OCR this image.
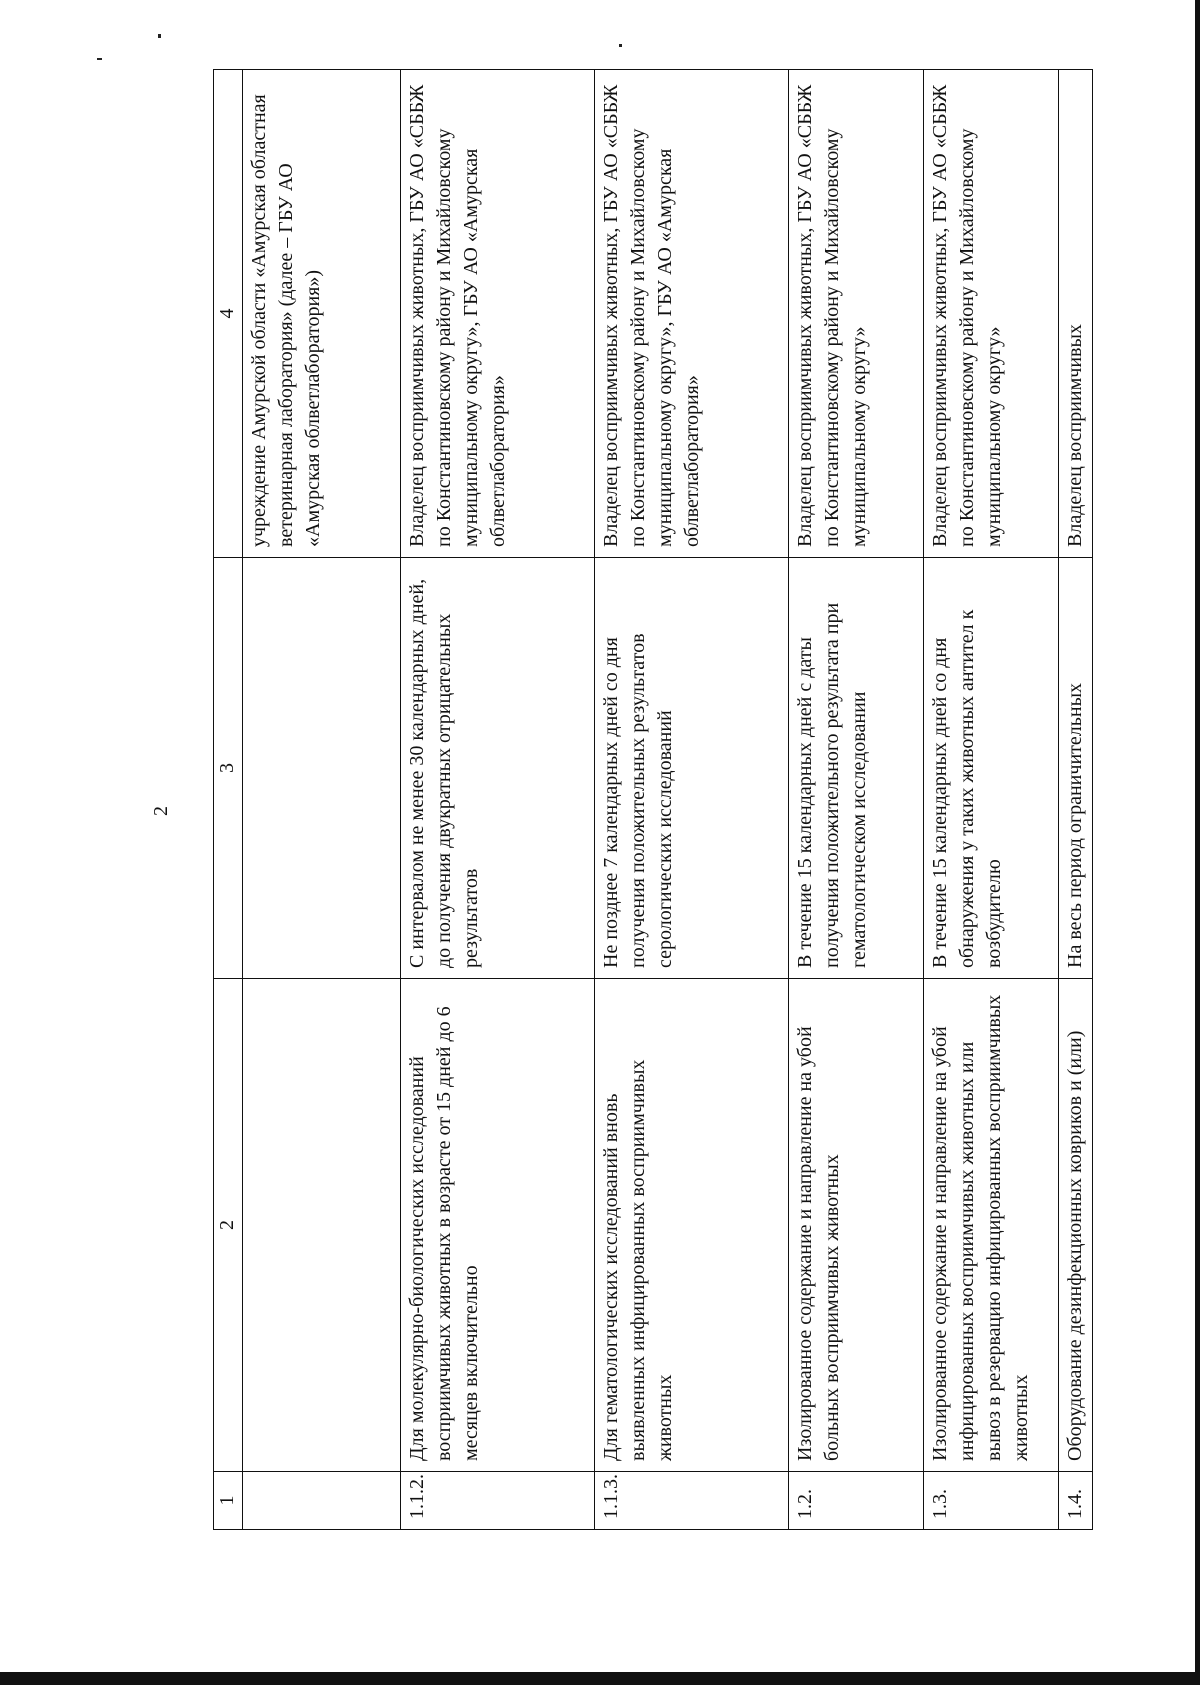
2
1	2	3	4
			учреждение Амурской области «Амурская областная ветеринарная лаборатория» (далее – ГБУ АО «Амурская облветлаборатория»)
1.1.2.	Для молекулярно-биологических исследований восприимчивых животных в возрасте от 15 дней до 6 месяцев включительно	С интервалом не менее 30 календарных дней, до получения двукратных отрицательных результатов	Владелец восприимчивых животных, ГБУ АО «СББЖ по Константиновскому району и Михайловскому муниципальному округу», ГБУ АО «Амурская облветлаборатория»
1.1.3.	Для гематологических исследований вновь выявленных инфицированных восприимчивых животных	Не позднее 7 календарных дней со дня получения положительных результатов серологических исследований	Владелец восприимчивых животных, ГБУ АО «СББЖ по Константиновскому району и Михайловскому муниципальному округу», ГБУ АО «Амурская облветлаборатория»
1.2.	Изолированное содержание и направление на убой больных восприимчивых животных	В течение 15 календарных дней с даты получения положительного результата при гематологическом исследовании	Владелец восприимчивых животных, ГБУ АО «СББЖ по Константиновскому району и Михайловскому муниципальному округу»
1.3.	Изолированное содержание и направление на убой инфицированных восприимчивых животных или вывоз в резервацию инфицированных восприимчивых животных	В течение 15 календарных дней со дня обнаружения у таких животных антител к возбудителю	Владелец восприимчивых животных, ГБУ АО «СББЖ по Константиновскому району и Михайловскому муниципальному округу»
1.4.	Оборудование дезинфекционных ковриков и (или)	На весь период ограничительных	Владелец восприимчивых
